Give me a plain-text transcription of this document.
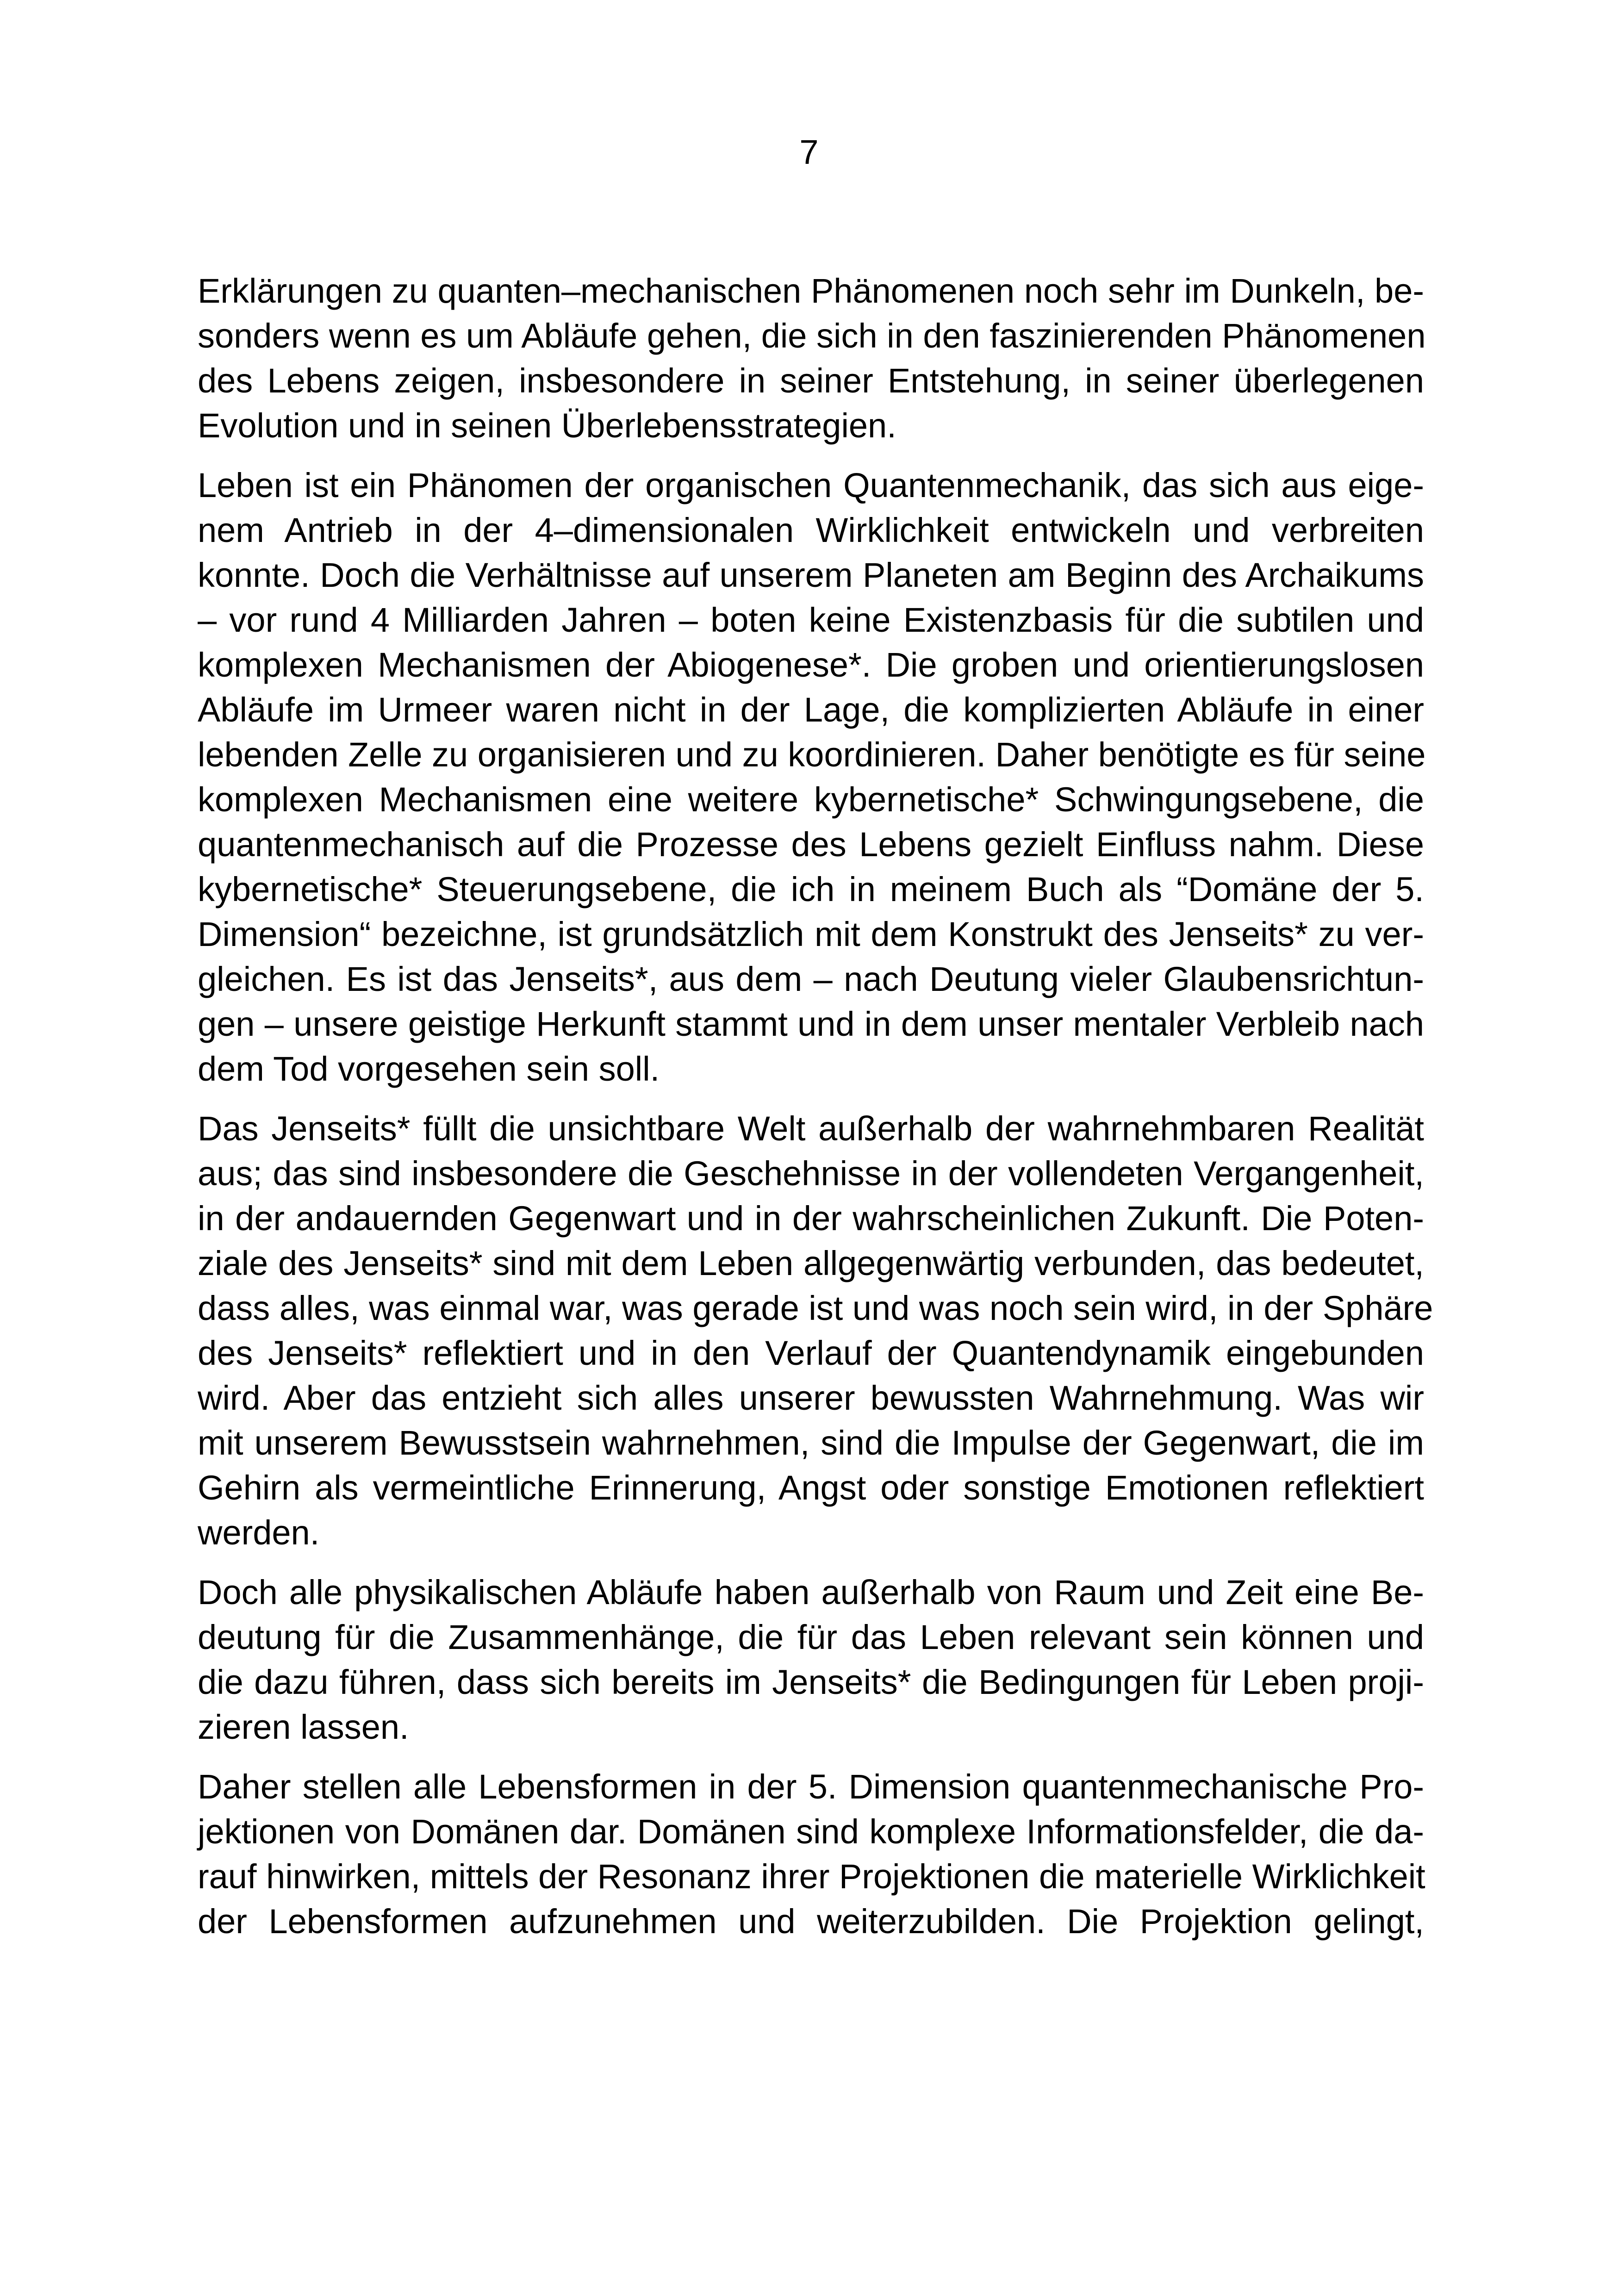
7
Erklärungen zu quanten–mechanischen Phänomenen noch sehr im Dunkeln, be-
sonders wenn es um Abläufe gehen, die sich in den faszinierenden Phänomenen
des Lebens zeigen, insbesondere in seiner Entstehung, in seiner überlegenen
Evolution und in seinen Überlebensstrategien.
Leben ist ein Phänomen der organischen Quantenmechanik, das sich aus eige-
nem Antrieb in der 4–dimensionalen Wirklichkeit entwickeln und verbreiten
konnte. Doch die Verhältnisse auf unserem Planeten am Beginn des Archaikums
– vor rund 4 Milliarden Jahren – boten keine Existenzbasis für die subtilen und
komplexen Mechanismen der Abiogenese*. Die groben und orientierungslosen
Abläufe im Urmeer waren nicht in der Lage, die komplizierten Abläufe in einer
lebenden Zelle zu organisieren und zu koordinieren. Daher benötigte es für seine
komplexen Mechanismen eine weitere kybernetische* Schwingungsebene, die
quantenmechanisch auf die Prozesse des Lebens gezielt Einfluss nahm. Diese
kybernetische* Steuerungsebene, die ich in meinem Buch als “Domäne der 5.
Dimension“ bezeichne, ist grundsätzlich mit dem Konstrukt des Jenseits* zu ver-
gleichen. Es ist das Jenseits*, aus dem – nach Deutung vieler Glaubensrichtun-
gen – unsere geistige Herkunft stammt und in dem unser mentaler Verbleib nach
dem Tod vorgesehen sein soll.
Das Jenseits* füllt die unsichtbare Welt außerhalb der wahrnehmbaren Realität
aus; das sind insbesondere die Geschehnisse in der vollendeten Vergangenheit,
in der andauernden Gegenwart und in der wahrscheinlichen Zukunft. Die Poten-
ziale des Jenseits* sind mit dem Leben allgegenwärtig verbunden, das bedeutet,
dass alles, was einmal war, was gerade ist und was noch sein wird, in der Sphäre
des Jenseits* reflektiert und in den Verlauf der Quantendynamik eingebunden
wird. Aber das entzieht sich alles unserer bewussten Wahrnehmung. Was wir
mit unserem Bewusstsein wahrnehmen, sind die Impulse der Gegenwart, die im
Gehirn als vermeintliche Erinnerung, Angst oder sonstige Emotionen reflektiert
werden.
Doch alle physikalischen Abläufe haben außerhalb von Raum und Zeit eine Be-
deutung für die Zusammenhänge, die für das Leben relevant sein können und
die dazu führen, dass sich bereits im Jenseits* die Bedingungen für Leben proji-
zieren lassen.
Daher stellen alle Lebensformen in der 5. Dimension quantenmechanische Pro-
jektionen von Domänen dar. Domänen sind komplexe Informationsfelder, die da-
rauf hinwirken, mittels der Resonanz ihrer Projektionen die materielle Wirklichkeit
der Lebensformen aufzunehmen und weiterzubilden. Die Projektion gelingt,
